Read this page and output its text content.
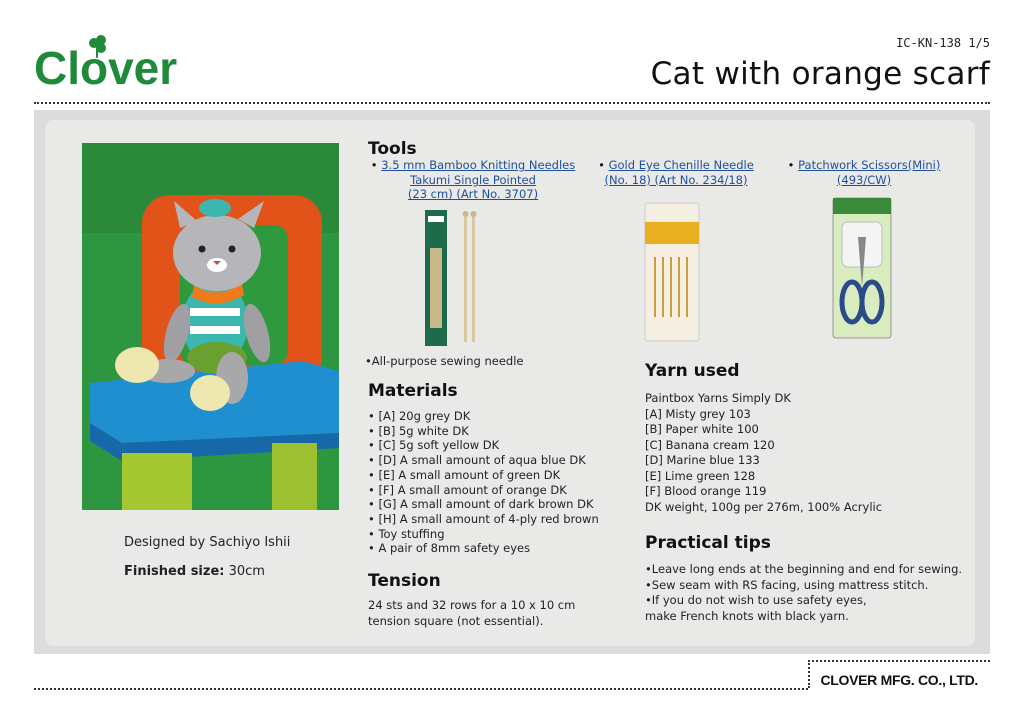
Clover	IC-KN-138 1/5
Cat with orange scarf
Designed by Sachiyo Ishii
Finished size: 30cm
Tools
• 3.5 mm Bamboo Knitting Needles
Takumi Single Pointed
(23 cm) (Art No. 3707)
• Gold Eye Chenille Needle
(No. 18) (Art No. 234/18)
• Patchwork Scissors(Mini)
(493/CW)
•All-purpose sewing needle
Materials
• [A] 20g grey DK
• [B] 5g white DK
• [C] 5g soft yellow DK
• [D] A small amount of aqua blue DK
• [E] A small amount of green DK
• [F] A small amount of orange DK
• [G] A small amount of dark brown DK
• [H] A small amount of 4-ply red brown
• Toy stuffing
• A pair of 8mm safety eyes
Tension
24 sts and 32 rows for a 10 x 10 cm
tension square (not essential).
Yarn used
Paintbox Yarns Simply DK
[A] Misty grey 103
[B] Paper white 100
[C] Banana cream 120
[D] Marine blue 133
[E] Lime green 128
[F] Blood orange 119
DK weight, 100g per 276m, 100% Acrylic
Practical tips
•Leave long ends at the beginning and end for sewing.
•Sew seam with RS facing, using mattress stitch.
•If you do not wish to use safety eyes,
make French knots with black yarn.
CLOVER MFG. CO., LTD.
